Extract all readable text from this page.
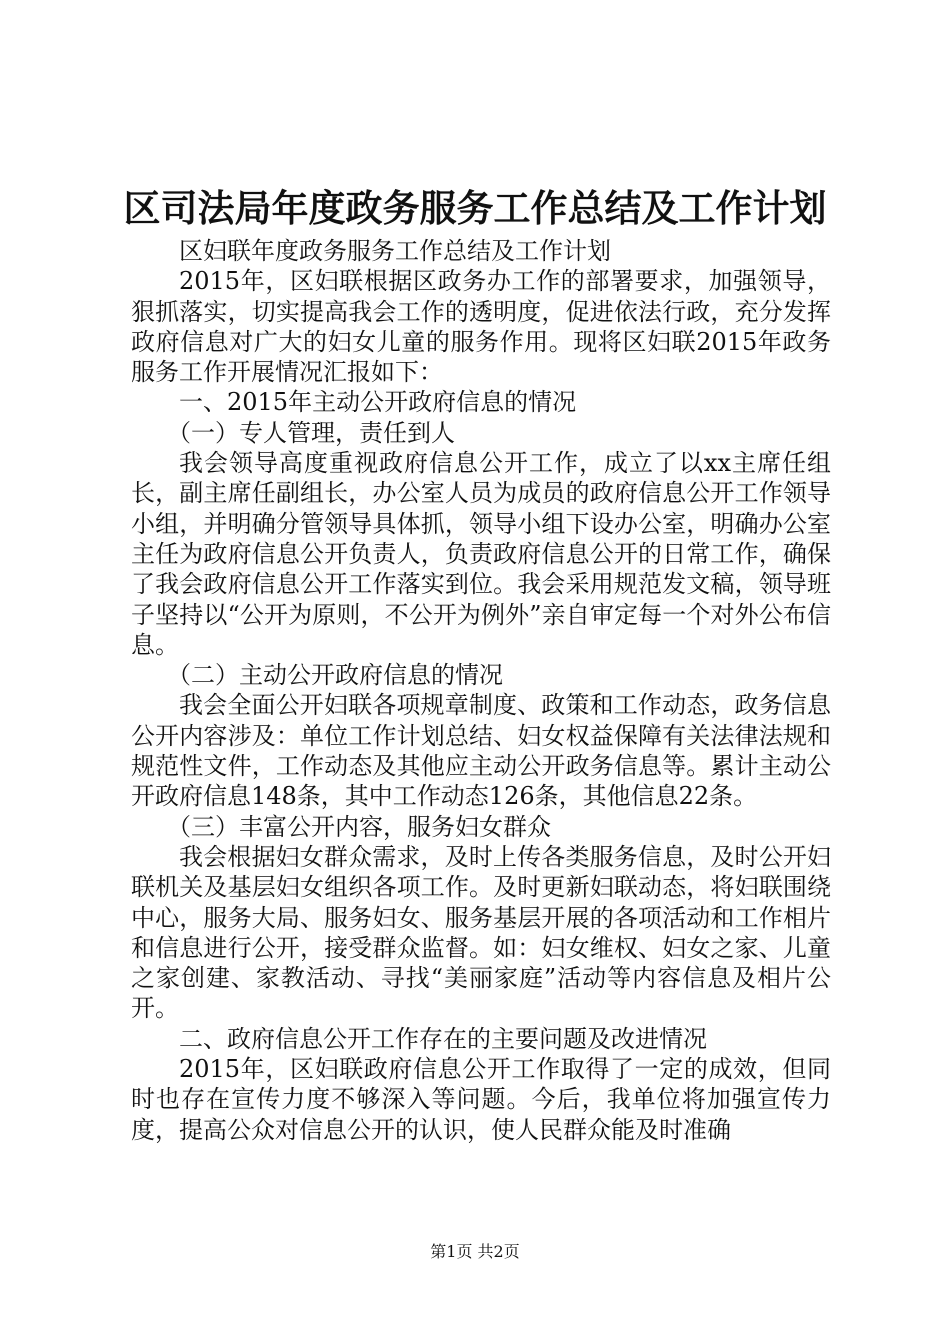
区司法局年度政务服务工作总结及工作计划

区妇联年度政务服务工作总结及工作计划

2015年，区妇联根据区政务办工作的部署要求，加强领导，狠抓落实，切实提高我会工作的透明度，促进依法行政，充分发挥政府信息对广大的妇女儿童的服务作用。现将区妇联2015年政务服务工作开展情况汇报如下：

一、2015年主动公开政府信息的情况

（一）专人管理，责任到人

我会领导高度重视政府信息公开工作，成立了以xx主席任组长，副主席任副组长，办公室人员为成员的政府信息公开工作领导小组，并明确分管领导具体抓，领导小组下设办公室，明确办公室主任为政府信息公开负责人，负责政府信息公开的日常工作，确保了我会政府信息公开工作落实到位。我会采用规范发文稿，领导班子坚持以“公开为原则，不公开为例外”亲自审定每一个对外公布信息。

（二）主动公开政府信息的情况

我会全面公开妇联各项规章制度、政策和工作动态，政务信息公开内容涉及：单位工作计划总结、妇女权益保障有关法律法规和规范性文件，工作动态及其他应主动公开政务信息等。累计主动公开政府信息148条，其中工作动态126条，其他信息22条。

（三）丰富公开内容，服务妇女群众

我会根据妇女群众需求，及时上传各类服务信息，及时公开妇联机关及基层妇女组织各项工作。及时更新妇联动态，将妇联围绕中心，服务大局、服务妇女、服务基层开展的各项活动和工作相片和信息进行公开，接受群众监督。如：妇女维权、妇女之家、儿童之家创建、家教活动、寻找“美丽家庭”活动等内容信息及相片公开。

二、政府信息公开工作存在的主要问题及改进情况

2015年，区妇联政府信息公开工作取得了一定的成效，但同时也存在宣传力度不够深入等问题。今后，我单位将加强宣传力度，提高公众对信息公开的认识，使人民群众能及时准确

第1页 共2页
